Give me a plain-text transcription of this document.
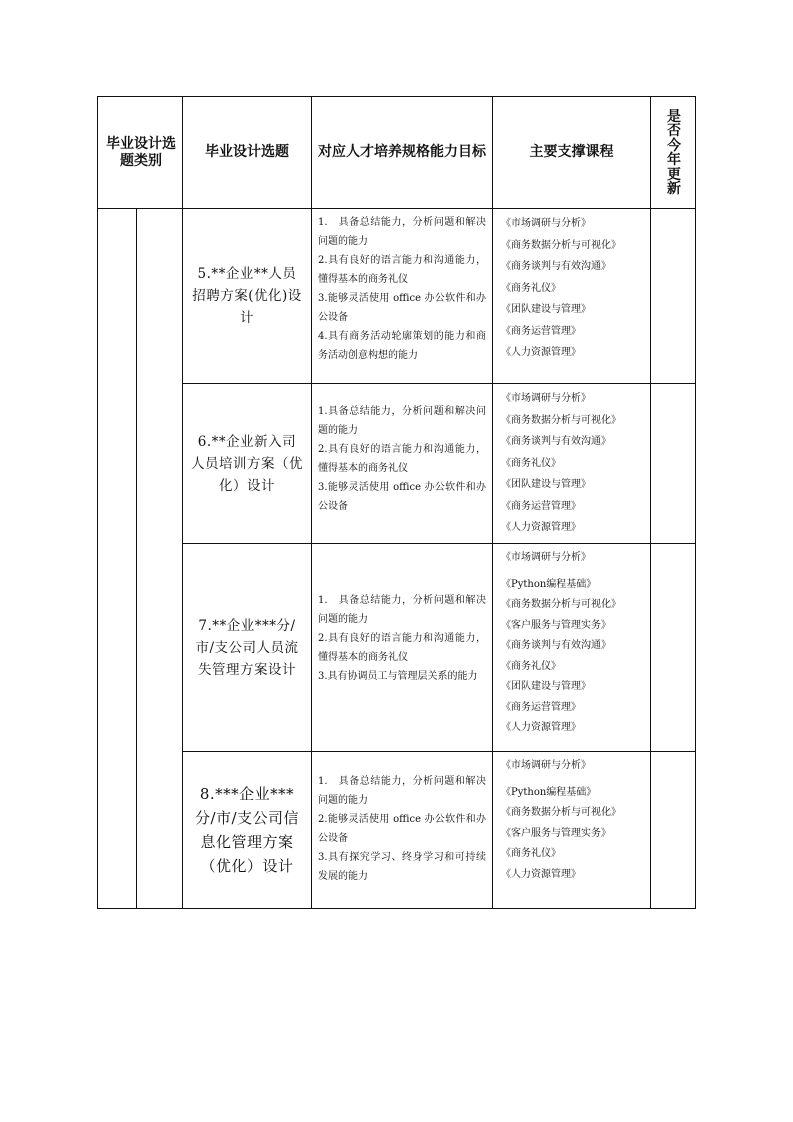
毕业设计选题类别
毕业设计选题 对应人才培养规格能力目标	主要支撑课程
是
否
今
年
更
新
5.**企业**人员招聘方案(优化)设计
1.　具备总结能力，分析问题和解决问题的能力
2.具有良好的语言能力和沟通能力，懂得基本的商务礼仪
3.能够灵活使用 office 办公软件和办公设备
4.具有商务活动轮廓策划的能力和商务活动创意构想的能力
《市场调研与分析》
《商务数据分析与可视化》
《商务谈判与有效沟通》
《商务礼仪》
《团队建设与管理》
《商务运营管理》
《人力资源管理》
6.**企业新入司人员培训方案（优化）设计
1.具备总结能力，分析问题和解决问题的能力
2.具有良好的语言能力和沟通能力，懂得基本的商务礼仪
3.能够灵活使用 office 办公软件和办公设备
《市场调研与分析》
《商务数据分析与可视化》
《商务谈判与有效沟通》
《商务礼仪》
《团队建设与管理》
《商务运营管理》
《人力资源管理》
7.**企业***分/市/支公司人员流失管理方案设计
1.　具备总结能力，分析问题和解决问题的能力
2.具有良好的语言能力和沟通能力，懂得基本的商务礼仪
3.具有协调员工与管理层关系的能力
《市场调研与分析》
《Python编程基础》
《商务数据分析与可视化》
《客户服务与管理实务》
《商务谈判与有效沟通》
《商务礼仪》
《团队建设与管理》
《商务运营管理》
《人力资源管理》
8.***企业***分/市/支公司信息化管理方案（优化）设计
1.　具备总结能力，分析问题和解决问题的能力
2.能够灵活使用 office 办公软件和办公设备
3.具有探究学习、终身学习和可持续发展的能力
《市场调研与分析》
《Python编程基础》
《商务数据分析与可视化》
《客户服务与管理实务》
《商务礼仪》
《人力资源管理》
